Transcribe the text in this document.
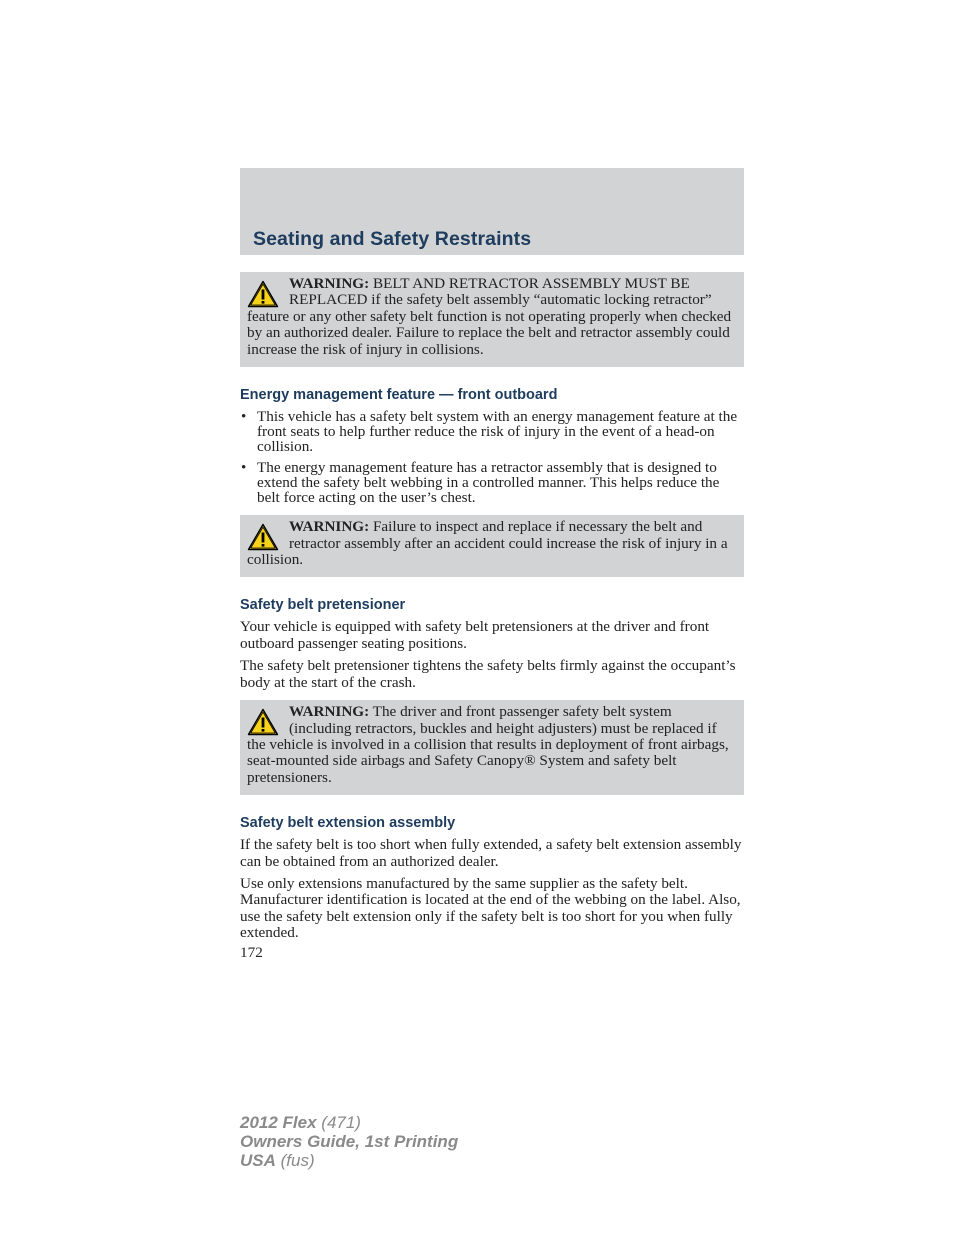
Seating and Safety Restraints

WARNING: BELT AND RETRACTOR ASSEMBLY MUST BE REPLACED if the safety belt assembly “automatic locking retractor” feature or any other safety belt function is not operating properly when checked by an authorized dealer. Failure to replace the belt and retractor assembly could increase the risk of injury in collisions.

Energy management feature — front outboard
• This vehicle has a safety belt system with an energy management feature at the front seats to help further reduce the risk of injury in the event of a head-on collision.
• The energy management feature has a retractor assembly that is designed to extend the safety belt webbing in a controlled manner. This helps reduce the belt force acting on the user’s chest.

WARNING: Failure to inspect and replace if necessary the belt and retractor assembly after an accident could increase the risk of injury in a collision.

Safety belt pretensioner

Your vehicle is equipped with safety belt pretensioners at the driver and front outboard passenger seating positions.

The safety belt pretensioner tightens the safety belts firmly against the occupant’s body at the start of the crash.

WARNING: The driver and front passenger safety belt system (including retractors, buckles and height adjusters) must be replaced if the vehicle is involved in a collision that results in deployment of front airbags, seat-mounted side airbags and Safety Canopy® System and safety belt pretensioners.

Safety belt extension assembly

If the safety belt is too short when fully extended, a safety belt extension assembly can be obtained from an authorized dealer.

Use only extensions manufactured by the same supplier as the safety belt. Manufacturer identification is located at the end of the webbing on the label. Also, use the safety belt extension only if the safety belt is too short for you when fully extended.

172
2012 Flex (471)
Owners Guide, 1st Printing
USA (fus)
